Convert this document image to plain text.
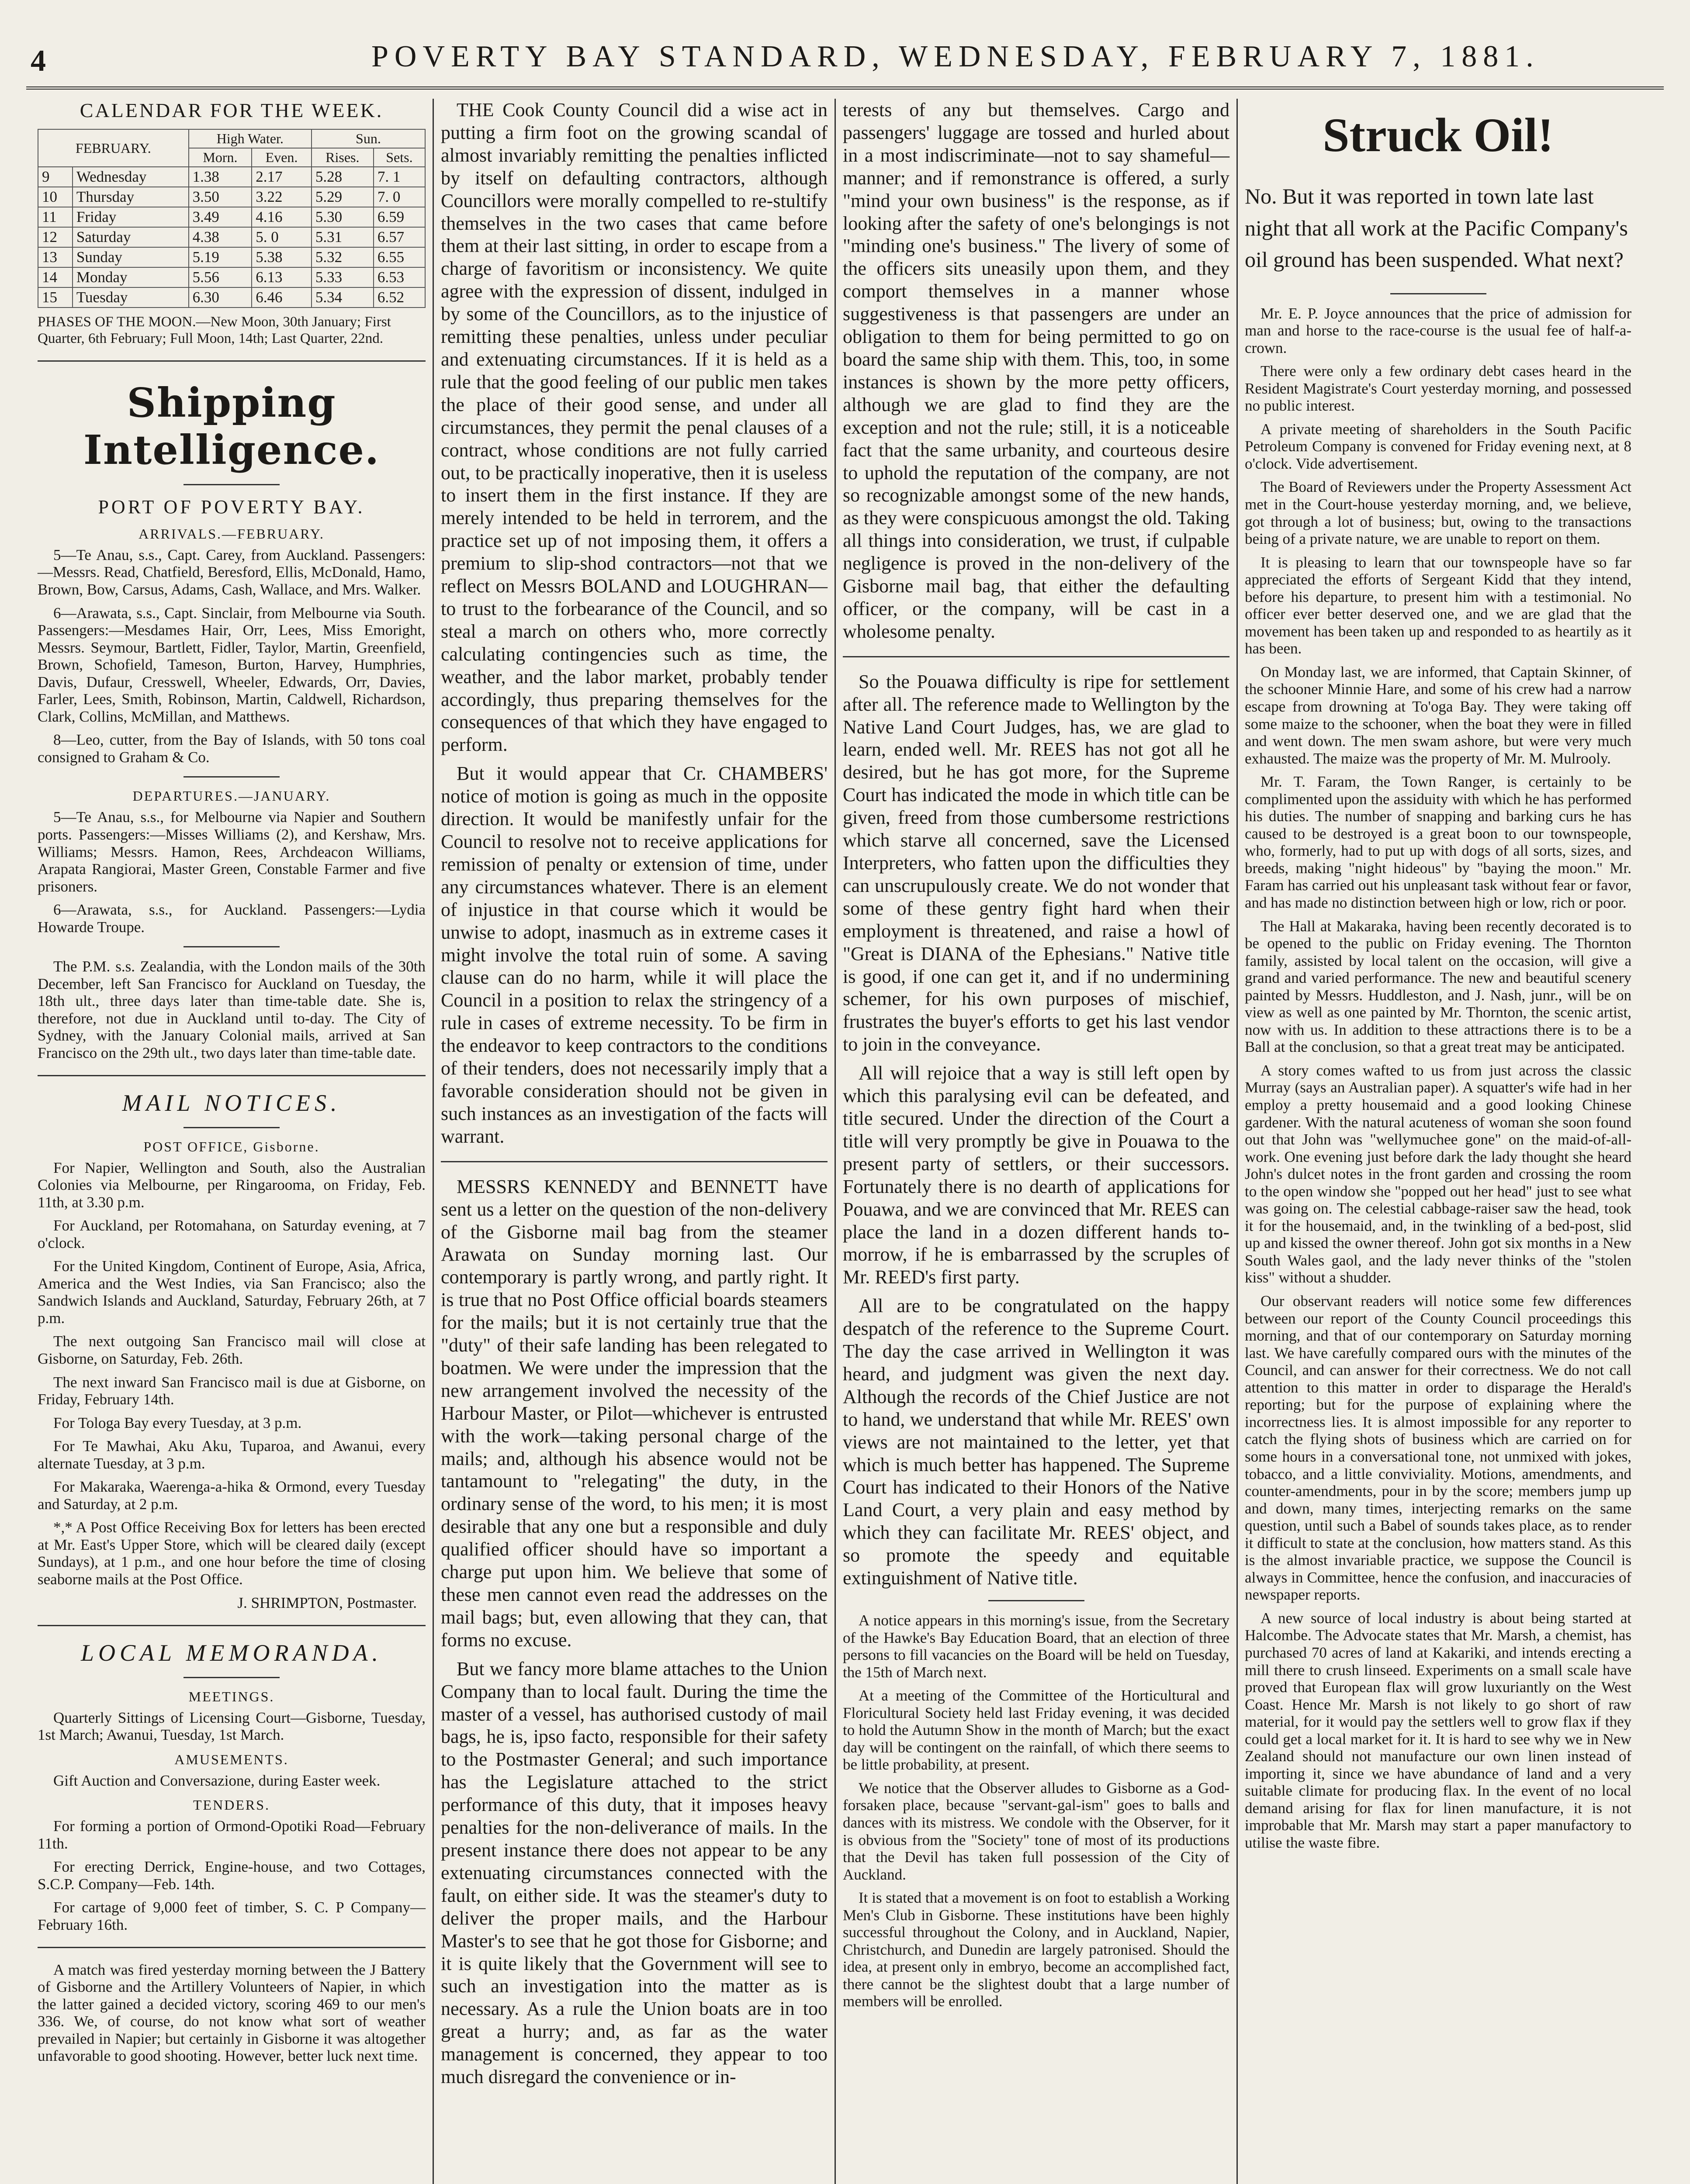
4	POVERTY BAY STANDARD, WEDNESDAY, FEBRUARY 7, 1881.
CALENDAR FOR THE WEEK.
FEBRUARY.		High Water.		Sun.	
		Morn.	Even.	Rises.	Sets.
9	Wednesday	1.38	2.17	5.28	7. 1
10	Thursday	3.50	3.22	5.29	7. 0
11	Friday	3.49	4.16	5.30	6.59
12	Saturday	4.38	5. 0	5.31	6.57
13	Sunday	5.19	5.38	5.32	6.55
14	Monday	5.56	6.13	5.33	6.53
15	Tuesday	6.30	6.46	5.34	6.52
PHASES OF THE MOON.—New Moon, 30th January; First Quarter, 6th February; Full Moon, 14th; Last Quarter, 22nd.
Shipping Intelligence.
PORT OF POVERTY BAY.
ARRIVALS.—FEBRUARY.

5—Te Anau, s.s., Capt. Carey, from Auckland. Passengers:—Messrs. Read, Chatfield, Beresford, Ellis, McDonald, Hamo, Brown, Bow, Carsus, Adams, Cash, Wallace, and Mrs. Walker.

6—Arawata, s.s., Capt. Sinclair, from Melbourne via South. Passengers:—Mesdames Hair, Orr, Lees, Miss Emoright, Messrs. Seymour, Bartlett, Fidler, Taylor, Martin, Greenfield, Brown, Schofield, Tameson, Burton, Harvey, Humphries, Davis, Dufaur, Cresswell, Wheeler, Edwards, Orr, Davies, Farler, Lees, Smith, Robinson, Martin, Caldwell, Richardson, Clark, Collins, McMillan, and Matthews.

8—Leo, cutter, from the Bay of Islands, with 50 tons coal consigned to Graham & Co.

DEPARTURES.—JANUARY.

5—Te Anau, s.s., for Melbourne via Napier and Southern ports. Passengers:—Misses Williams (2), and Kershaw, Mrs. Williams; Messrs. Hamon, Rees, Archdeacon Williams, Arapata Rangiorai, Master Green, Constable Farmer and five prisoners.

6—Arawata, s.s., for Auckland. Passengers:—Lydia Howarde Troupe.

The P.M. s.s. Zealandia, with the London mails of the 30th December, left San Francisco for Auckland on Tuesday, the 18th ult., three days later than time-table date. She is, therefore, not due in Auckland until to-day. The City of Sydney, with the January Colonial mails, arrived at San Francisco on the 29th ult., two days later than time-table date.

MAIL NOTICES.
POST OFFICE, Gisborne.

For Napier, Wellington and South, also the Australian Colonies via Melbourne, per Ringarooma, on Friday, Feb. 11th, at 3.30 p.m.

For Auckland, per Rotomahana, on Saturday evening, at 7 o'clock.

For the United Kingdom, Continent of Europe, Asia, Africa, America and the West Indies, via San Francisco; also the Sandwich Islands and Auckland, Saturday, February 26th, at 7 p.m.

The next outgoing San Francisco mail will close at Gisborne, on Saturday, Feb. 26th.

The next inward San Francisco mail is due at Gisborne, on Friday, February 14th.

For Tologa Bay every Tuesday, at 3 p.m.

For Te Mawhai, Aku Aku, Tuparoa, and Awanui, every alternate Tuesday, at 3 p.m.

For Makaraka, Waerenga-a-hika & Ormond, every Tuesday and Saturday, at 2 p.m.

*,* A Post Office Receiving Box for letters has been erected at Mr. East's Upper Store, which will be cleared daily (except Sundays), at 1 p.m., and one hour before the time of closing seaborne mails at the Post Office.

J. SHRIMPTON, Postmaster.
LOCAL MEMORANDA.
MEETINGS.

Quarterly Sittings of Licensing Court—Gisborne, Tuesday, 1st March; Awanui, Tuesday, 1st March.

AMUSEMENTS.

Gift Auction and Conversazione, during Easter week.

TENDERS.

For forming a portion of Ormond-Opotiki Road—February 11th.

For erecting Derrick, Engine-house, and two Cottages, S.C.P. Company—Feb. 14th.

For cartage of 9,000 feet of timber, S. C. P Company—February 16th.

A match was fired yesterday morning between the J Battery of Gisborne and the Artillery Volunteers of Napier, in which the latter gained a decided victory, scoring 469 to our men's 336. We, of course, do not know what sort of weather prevailed in Napier; but certainly in Gisborne it was altogether unfavorable to good shooting. However, better luck next time.

THE Cook County Council did a wise act in putting a firm foot on the growing scandal of almost invariably remitting the penalties inflicted by itself on defaulting contractors, although Councillors were morally compelled to re-stultify themselves in the two cases that came before them at their last sitting, in order to escape from a charge of favoritism or inconsistency. We quite agree with the expression of dissent, indulged in by some of the Councillors, as to the injustice of remitting these penalties, unless under peculiar and extenuating circumstances. If it is held as a rule that the good feeling of our public men takes the place of their good sense, and under all circumstances, they permit the penal clauses of a contract, whose conditions are not fully carried out, to be practically inoperative, then it is useless to insert them in the first instance. If they are merely intended to be held in terrorem, and the practice set up of not imposing them, it offers a premium to slip-shod contractors—not that we reflect on Messrs BOLAND and LOUGHRAN—to trust to the forbearance of the Council, and so steal a march on others who, more correctly calculating contingencies such as time, the weather, and the labor market, probably tender accordingly, thus preparing themselves for the consequences of that which they have engaged to perform.

But it would appear that Cr. CHAMBERS' notice of motion is going as much in the opposite direction. It would be manifestly unfair for the Council to resolve not to receive applications for remission of penalty or extension of time, under any circumstances whatever. There is an element of injustice in that course which it would be unwise to adopt, inasmuch as in extreme cases it might involve the total ruin of some. A saving clause can do no harm, while it will place the Council in a position to relax the stringency of a rule in cases of extreme necessity. To be firm in the endeavor to keep contractors to the conditions of their tenders, does not necessarily imply that a favorable consideration should not be given in such instances as an investigation of the facts will warrant.

MESSRS KENNEDY and BENNETT have sent us a letter on the question of the non-delivery of the Gisborne mail bag from the steamer Arawata on Sunday morning last. Our contemporary is partly wrong, and partly right. It is true that no Post Office official boards steamers for the mails; but it is not certainly true that the "duty" of their safe landing has been relegated to boatmen. We were under the impression that the new arrangement involved the necessity of the Harbour Master, or Pilot—whichever is entrusted with the work—taking personal charge of the mails; and, although his absence would not be tantamount to "relegating" the duty, in the ordinary sense of the word, to his men; it is most desirable that any one but a responsible and duly qualified officer should have so important a charge put upon him. We believe that some of these men cannot even read the addresses on the mail bags; but, even allowing that they can, that forms no excuse.

But we fancy more blame attaches to the Union Company than to local fault. During the time the master of a vessel, has authorised custody of mail bags, he is, ipso facto, responsible for their safety to the Postmaster General; and such importance has the Legislature attached to the strict performance of this duty, that it imposes heavy penalties for the non-deliverance of mails. In the present instance there does not appear to be any extenuating circumstances connected with the fault, on either side. It was the steamer's duty to deliver the proper mails, and the Harbour Master's to see that he got those for Gisborne; and it is quite likely that the Government will see to such an investigation into the matter as is necessary. As a rule the Union boats are in too great a hurry; and, as far as the water management is concerned, they appear to too much disregard the convenience or in-

terests of any but themselves. Cargo and passengers' luggage are tossed and hurled about in a most indiscriminate—not to say shameful—manner; and if remonstrance is offered, a surly "mind your own business" is the response, as if looking after the safety of one's belongings is not "minding one's business." The livery of some of the officers sits uneasily upon them, and they comport themselves in a manner whose suggestiveness is that passengers are under an obligation to them for being permitted to go on board the same ship with them. This, too, in some instances is shown by the more petty officers, although we are glad to find they are the exception and not the rule; still, it is a noticeable fact that the same urbanity, and courteous desire to uphold the reputation of the company, are not so recognizable amongst some of the new hands, as they were conspicuous amongst the old. Taking all things into consideration, we trust, if culpable negligence is proved in the non-delivery of the Gisborne mail bag, that either the defaulting officer, or the company, will be cast in a wholesome penalty.

So the Pouawa difficulty is ripe for settlement after all. The reference made to Wellington by the Native Land Court Judges, has, we are glad to learn, ended well. Mr. REES has not got all he desired, but he has got more, for the Supreme Court has indicated the mode in which title can be given, freed from those cumbersome restrictions which starve all concerned, save the Licensed Interpreters, who fatten upon the difficulties they can unscrupulously create. We do not wonder that some of these gentry fight hard when their employment is threatened, and raise a howl of "Great is DIANA of the Ephesians." Native title is good, if one can get it, and if no undermining schemer, for his own purposes of mischief, frustrates the buyer's efforts to get his last vendor to join in the conveyance.

All will rejoice that a way is still left open by which this paralysing evil can be defeated, and title secured. Under the direction of the Court a title will very promptly be give in Pouawa to the present party of settlers, or their successors. Fortunately there is no dearth of applications for Pouawa, and we are convinced that Mr. REES can place the land in a dozen different hands to-morrow, if he is embarrassed by the scruples of Mr. REED's first party.

All are to be congratulated on the happy despatch of the reference to the Supreme Court. The day the case arrived in Wellington it was heard, and judgment was given the next day. Although the records of the Chief Justice are not to hand, we understand that while Mr. REES' own views are not maintained to the letter, yet that which is much better has happened. The Supreme Court has indicated to their Honors of the Native Land Court, a very plain and easy method by which they can facilitate Mr. REES' object, and so promote the speedy and equitable extinguishment of Native title.

A notice appears in this morning's issue, from the Secretary of the Hawke's Bay Education Board, that an election of three persons to fill vacancies on the Board will be held on Tuesday, the 15th of March next.

At a meeting of the Committee of the Horticultural and Floricultural Society held last Friday evening, it was decided to hold the Autumn Show in the month of March; but the exact day will be contingent on the rainfall, of which there seems to be little probability, at present.

We notice that the Observer alludes to Gisborne as a God-forsaken place, because "servant-gal-ism" goes to balls and dances with its mistress. We condole with the Observer, for it is obvious from the "Society" tone of most of its productions that the Devil has taken full possession of the City of Auckland.

It is stated that a movement is on foot to establish a Working Men's Club in Gisborne. These institutions have been highly successful throughout the Colony, and in Auckland, Napier, Christchurch, and Dunedin are largely patronised. Should the idea, at present only in embryo, become an accomplished fact, there cannot be the slightest doubt that a large number of members will be enrolled.

Struck Oil!
No. But it was reported in town late last night that all work at the Pacific Company's oil ground has been suspended. What next?

Mr. E. P. Joyce announces that the price of admission for man and horse to the race-course is the usual fee of half-a-crown.

There were only a few ordinary debt cases heard in the Resident Magistrate's Court yesterday morning, and possessed no public interest.

A private meeting of shareholders in the South Pacific Petroleum Company is convened for Friday evening next, at 8 o'clock. Vide advertisement.

The Board of Reviewers under the Property Assessment Act met in the Court-house yesterday morning, and, we believe, got through a lot of business; but, owing to the transactions being of a private nature, we are unable to report on them.

It is pleasing to learn that our townspeople have so far appreciated the efforts of Sergeant Kidd that they intend, before his departure, to present him with a testimonial. No officer ever better deserved one, and we are glad that the movement has been taken up and responded to as heartily as it has been.

On Monday last, we are informed, that Captain Skinner, of the schooner Minnie Hare, and some of his crew had a narrow escape from drowning at To'oga Bay. They were taking off some maize to the schooner, when the boat they were in filled and went down. The men swam ashore, but were very much exhausted. The maize was the property of Mr. M. Mulrooly.

Mr. T. Faram, the Town Ranger, is certainly to be complimented upon the assiduity with which he has performed his duties. The number of snapping and barking curs he has caused to be destroyed is a great boon to our townspeople, who, formerly, had to put up with dogs of all sorts, sizes, and breeds, making "night hideous" by "baying the moon." Mr. Faram has carried out his unpleasant task without fear or favor, and has made no distinction between high or low, rich or poor.

The Hall at Makaraka, having been recently decorated is to be opened to the public on Friday evening. The Thornton family, assisted by local talent on the occasion, will give a grand and varied performance. The new and beautiful scenery painted by Messrs. Huddleston, and J. Nash, junr., will be on view as well as one painted by Mr. Thornton, the scenic artist, now with us. In addition to these attractions there is to be a Ball at the conclusion, so that a great treat may be anticipated.

A story comes wafted to us from just across the classic Murray (says an Australian paper). A squatter's wife had in her employ a pretty housemaid and a good looking Chinese gardener. With the natural acuteness of woman she soon found out that John was "wellymuchee gone" on the maid-of-all-work. One evening just before dark the lady thought she heard John's dulcet notes in the front garden and crossing the room to the open window she "popped out her head" just to see what was going on. The celestial cabbage-raiser saw the head, took it for the housemaid, and, in the twinkling of a bed-post, slid up and kissed the owner thereof. John got six months in a New South Wales gaol, and the lady never thinks of the "stolen kiss" without a shudder.

Our observant readers will notice some few differences between our report of the County Council proceedings this morning, and that of our contemporary on Saturday morning last. We have carefully compared ours with the minutes of the Council, and can answer for their correctness. We do not call attention to this matter in order to disparage the Herald's reporting; but for the purpose of explaining where the incorrectness lies. It is almost impossible for any reporter to catch the flying shots of business which are carried on for some hours in a conversational tone, not unmixed with jokes, tobacco, and a little conviviality. Motions, amendments, and counter-amendments, pour in by the score; members jump up and down, many times, interjecting remarks on the same question, until such a Babel of sounds takes place, as to render it difficult to state at the conclusion, how matters stand. As this is the almost invariable practice, we suppose the Council is always in Committee, hence the confusion, and inaccuracies of newspaper reports.

A new source of local industry is about being started at Halcombe. The Advocate states that Mr. Marsh, a chemist, has purchased 70 acres of land at Kakariki, and intends erecting a mill there to crush linseed. Experiments on a small scale have proved that European flax will grow luxuriantly on the West Coast. Hence Mr. Marsh is not likely to go short of raw material, for it would pay the settlers well to grow flax if they could get a local market for it. It is hard to see why we in New Zealand should not manufacture our own linen instead of importing it, since we have abundance of land and a very suitable climate for producing flax. In the event of no local demand arising for flax for linen manufacture, it is not improbable that Mr. Marsh may start a paper manufactory to utilise the waste fibre.
